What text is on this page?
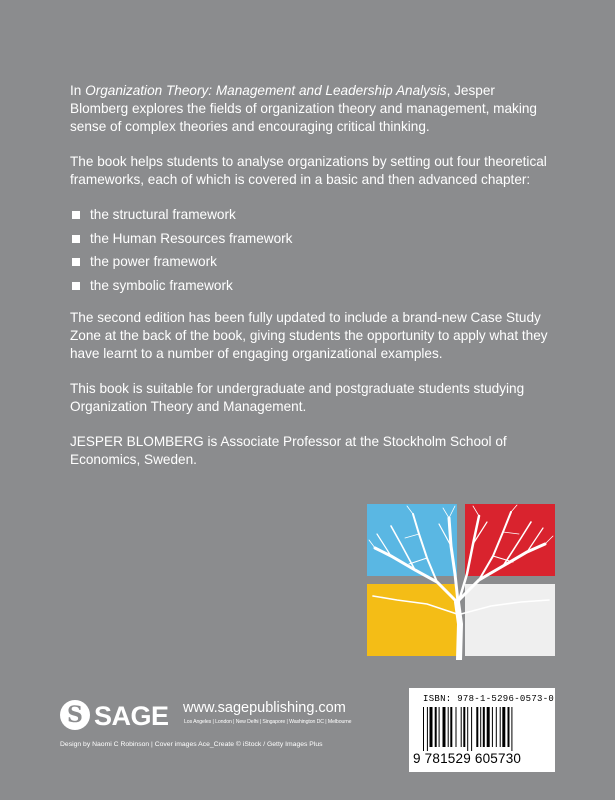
In Organization Theory: Management and Leadership Analysis, Jesper Blomberg explores the fields of organization theory and management, making sense of complex theories and encouraging critical thinking.

The book helps students to analyse organizations by setting out four theoretical frameworks, each of which is covered in a basic and then advanced chapter:

the structural framework
the Human Resources framework
the power framework
the symbolic framework

The second edition has been fully updated to include a brand-new Case Study Zone at the back of the book, giving students the opportunity to apply what they have learnt to a number of engaging organizational examples.

This book is suitable for undergraduate and postgraduate students studying Organization Theory and Management.

JESPER BLOMBERG is Associate Professor at the Stockholm School of Economics, Sweden.

S SAGE www.sagepublishing.com
Los Angeles | London | New Delhi | Singapore | Washington DC | Melbourne
Design by Naomi C Robinson | Cover images Ace_Create © iStock / Getty Images Plus
ISBN: 978-1-5296-0573-0
9 781529 605730
